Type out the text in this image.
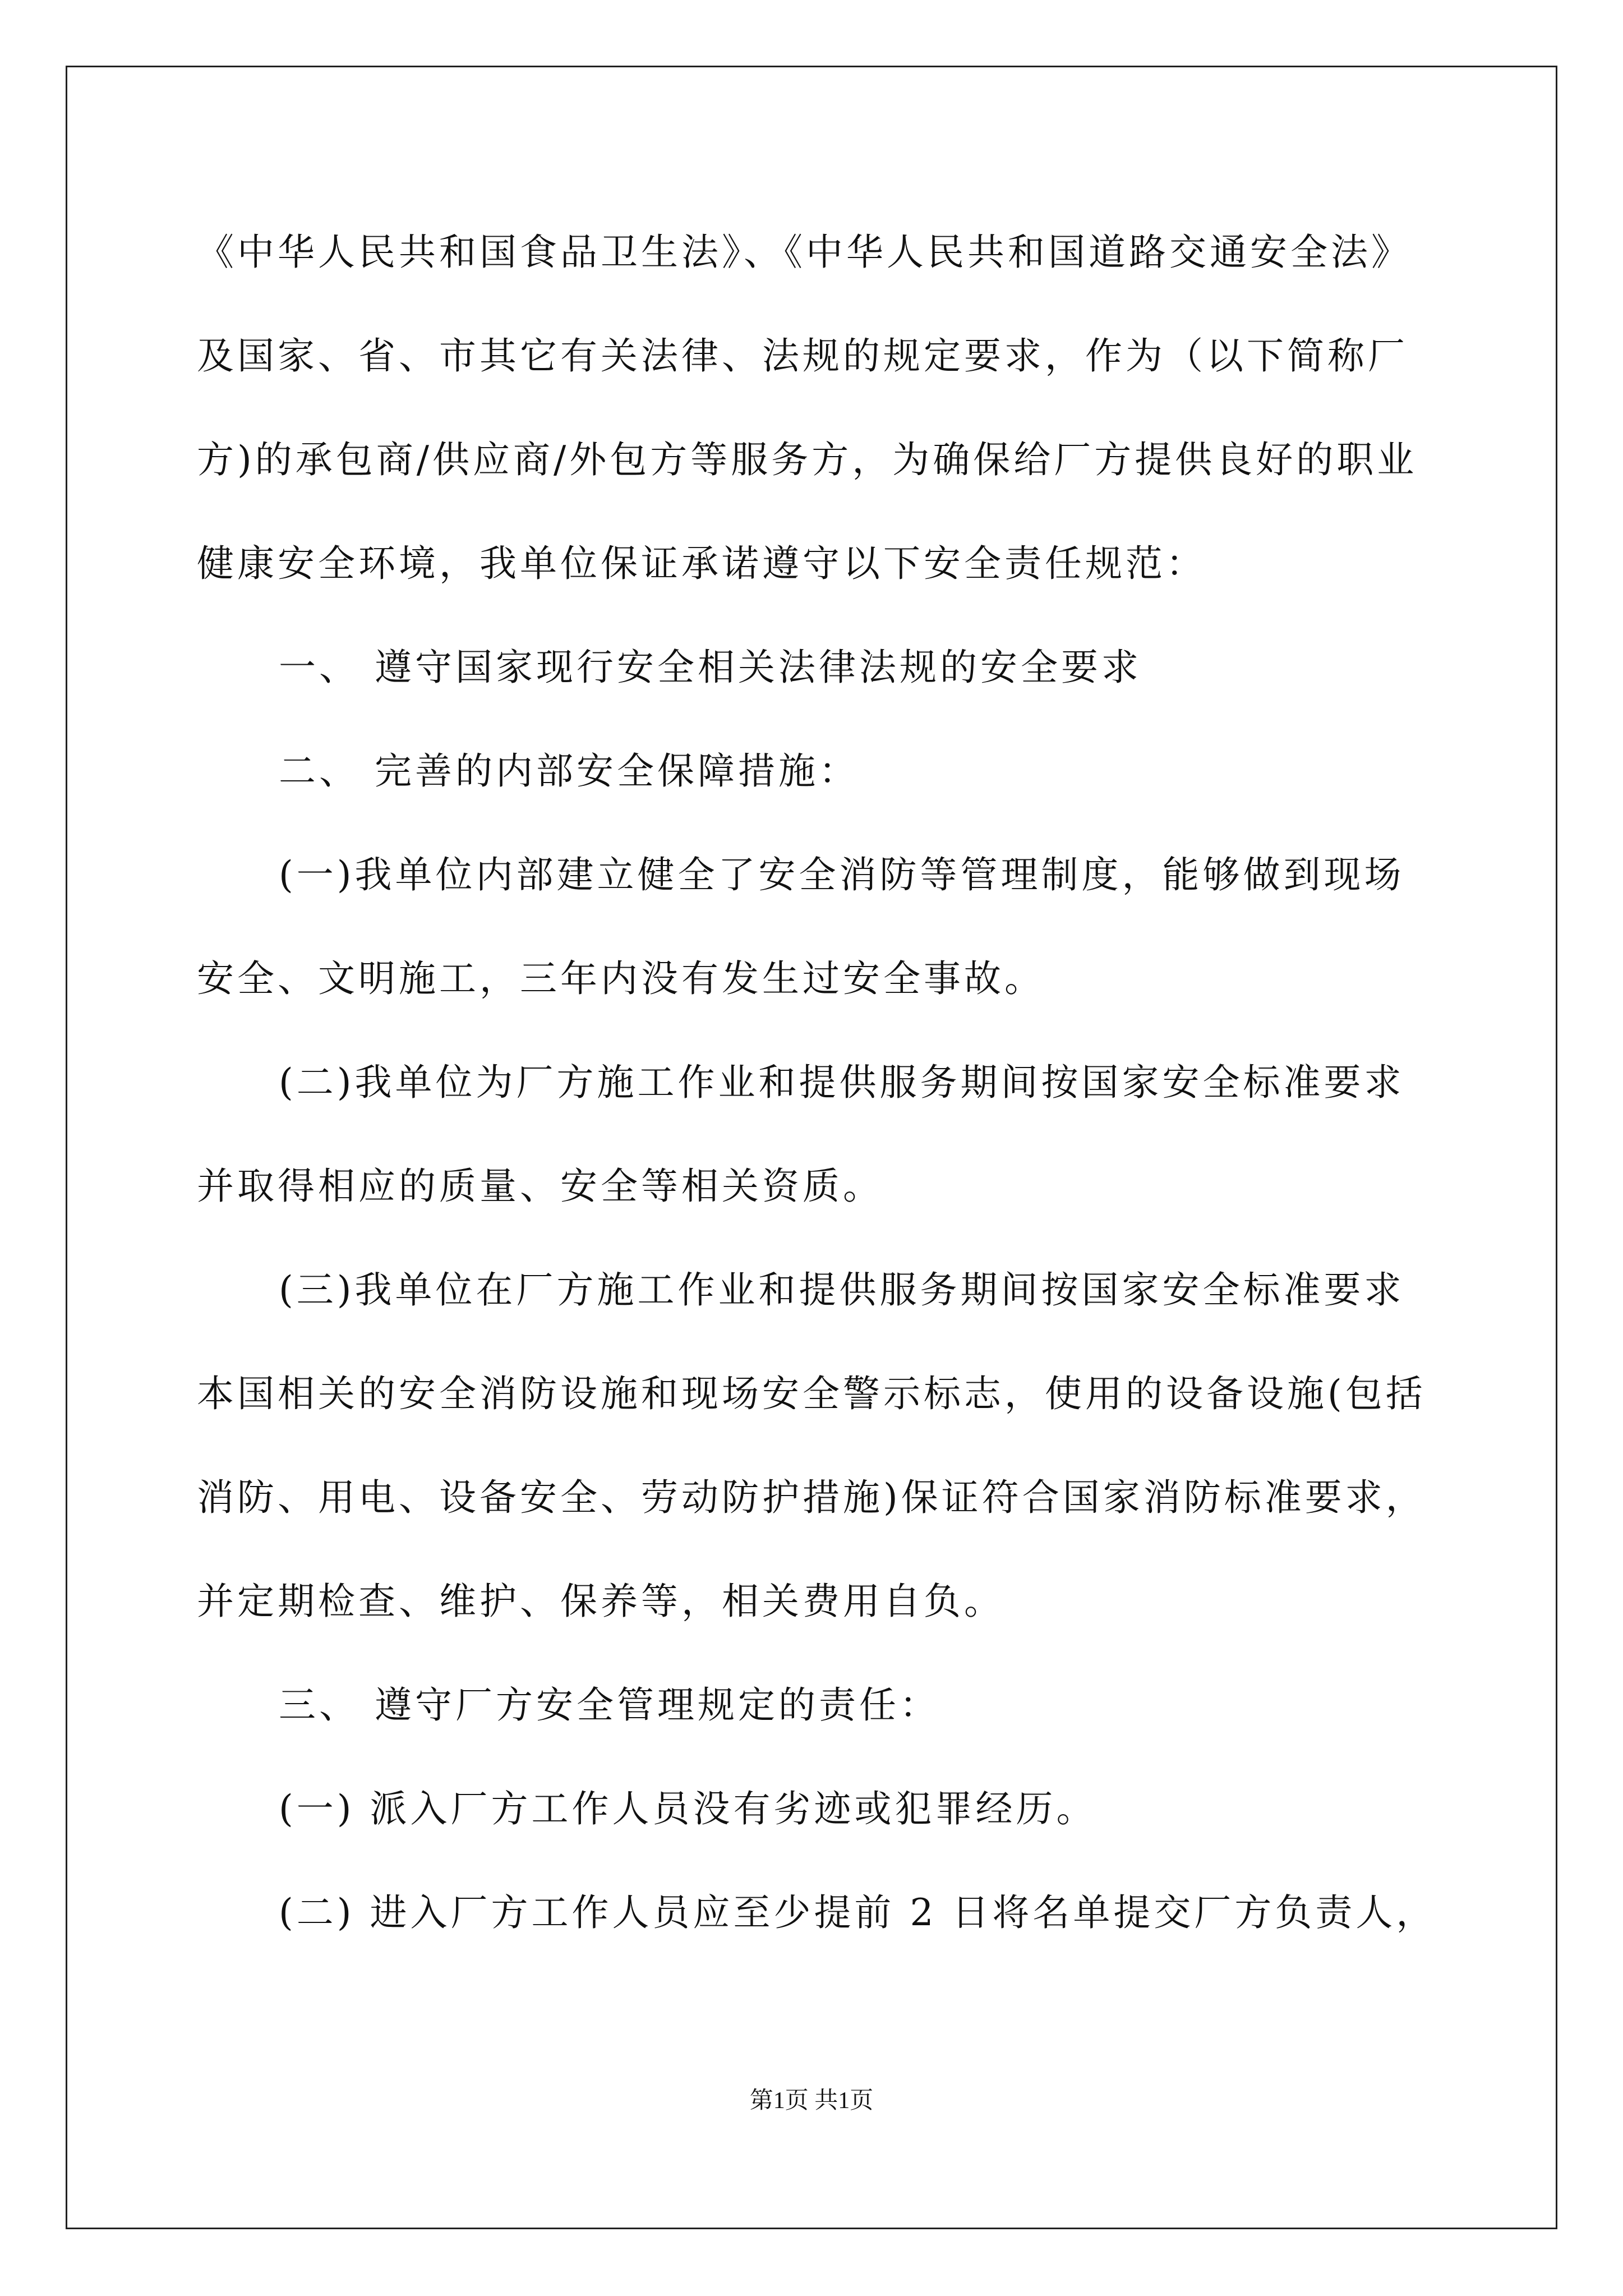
《中华人民共和国食品卫生法》、《中华人民共和国道路交通安全法》
及国家、省、市其它有关法律、法规的规定要求，作为（以下简称厂
方)的承包商/供应商/外包方等服务方，为确保给厂方提供良好的职业
健康安全环境，我单位保证承诺遵守以下安全责任规范：
一、 遵守国家现行安全相关法律法规的安全要求
二、 完善的内部安全保障措施：
(一)我单位内部建立健全了安全消防等管理制度，能够做到现场
安全、文明施工，三年内没有发生过安全事故。
(二)我单位为厂方施工作业和提供服务期间按国家安全标准要求
并取得相应的质量、安全等相关资质。
(三)我单位在厂方施工作业和提供服务期间按国家安全标准要求
本国相关的安全消防设施和现场安全警示标志，使用的设备设施(包括
消防、用电、设备安全、劳动防护措施)保证符合国家消防标准要求，
并定期检查、维护、保养等，相关费用自负。
三、 遵守厂方安全管理规定的责任：
(一) 派入厂方工作人员没有劣迹或犯罪经历。
(二) 进入厂方工作人员应至少提前 2 日将名单提交厂方负责人，
第1页 共1页
